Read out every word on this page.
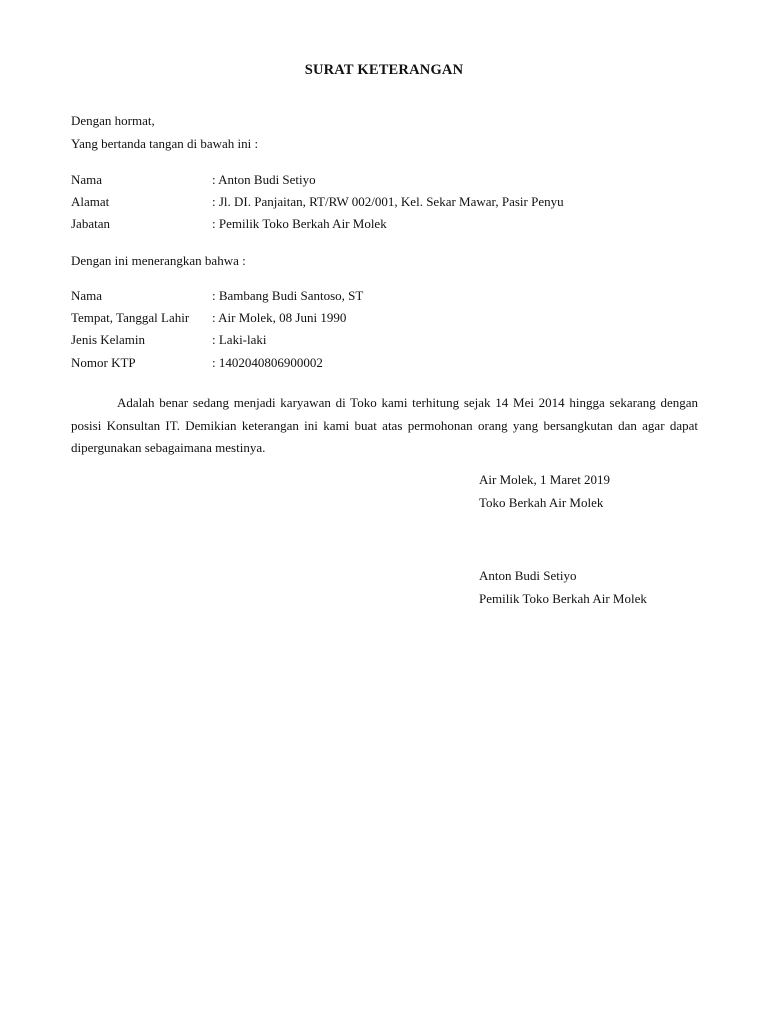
SURAT KETERANGAN
Dengan hormat,
Yang bertanda tangan di bawah ini :
Nama	: Anton Budi Setiyo
Alamat	: Jl. DI. Panjaitan, RT/RW 002/001, Kel. Sekar Mawar, Pasir Penyu
Jabatan	: Pemilik Toko Berkah Air Molek
Dengan ini menerangkan bahwa :
Nama	: Bambang Budi Santoso, ST
Tempat, Tanggal Lahir : Air Molek, 08 Juni 1990
Jenis Kelamin	: Laki-laki
Nomor KTP	: 1402040806900002
Adalah benar sedang menjadi karyawan di Toko kami terhitung sejak 14 Mei 2014 hingga sekarang dengan posisi Konsultan IT. Demikian keterangan ini kami buat atas permohonan orang yang bersangkutan dan agar dapat dipergunakan sebagaimana mestinya.
Air Molek, 1 Maret 2019
Toko Berkah Air Molek
Anton Budi Setiyo
Pemilik Toko Berkah Air Molek
